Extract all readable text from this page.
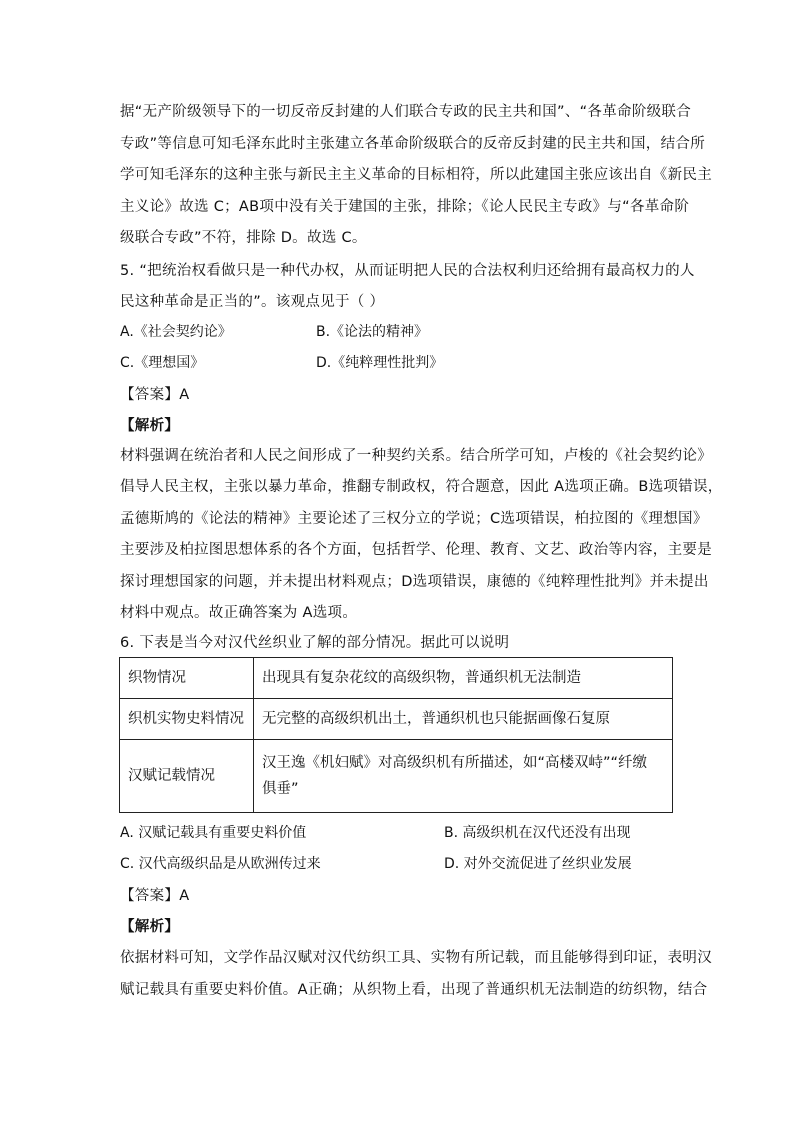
据“无产阶级领导下的一切反帝反封建的人们联合专政的民主共和国”、“各革命阶级联合
专政”等信息可知毛泽东此时主张建立各革命阶级联合的反帝反封建的民主共和国，结合所
学可知毛泽东的这种主张与新民主主义革命的目标相符，所以此建国主张应该出自《新民主
主义论》故选 C；AB项中没有关于建国的主张，排除；《论人民民主专政》与“各革命阶
级联合专政”不符，排除 D。故选 C。
5. “把统治权看做只是一种代办权，从而证明把人民的合法权利归还给拥有最高权力的人
民这种革命是正当的”。该观点见于（ ）
A.《社会契约论》	B.《论法的精神》
C.《理想国》	D.《纯粹理性批判》
【答案】A
【解析】
材料强调在统治者和人民之间形成了一种契约关系。结合所学可知，卢梭的《社会契约论》
倡导人民主权，主张以暴力革命，推翻专制政权，符合题意，因此 A选项正确。B选项错误，
孟德斯鸠的《论法的精神》主要论述了三权分立的学说；C选项错误，柏拉图的《理想国》
主要涉及柏拉图思想体系的各个方面，包括哲学、伦理、教育、文艺、政治等内容，主要是
探讨理想国家的问题，并未提出材料观点；D选项错误，康德的《纯粹理性批判》并未提出
材料中观点。故正确答案为 A选项。
6. 下表是当今对汉代丝织业了解的部分情况。据此可以说明
织物情况	出现具有复杂花纹的高级织物，普通织机无法制造
织机实物史料情况	无完整的高级织机出土，普通织机也只能据画像石复原
汉赋记载情况	汉王逸《机妇赋》对高级织机有所描述，如“高楼双峙”“纤缴
俱垂”
A. 汉赋记载具有重要史料价值	B. 高级织机在汉代还没有出现
C. 汉代高级织品是从欧洲传过来	D. 对外交流促进了丝织业发展
【答案】A
【解析】
依据材料可知，文学作品汉赋对汉代纺织工具、实物有所记载，而且能够得到印证，表明汉
赋记载具有重要史料价值。A正确；从织物上看，出现了普通织机无法制造的纺织物，结合
